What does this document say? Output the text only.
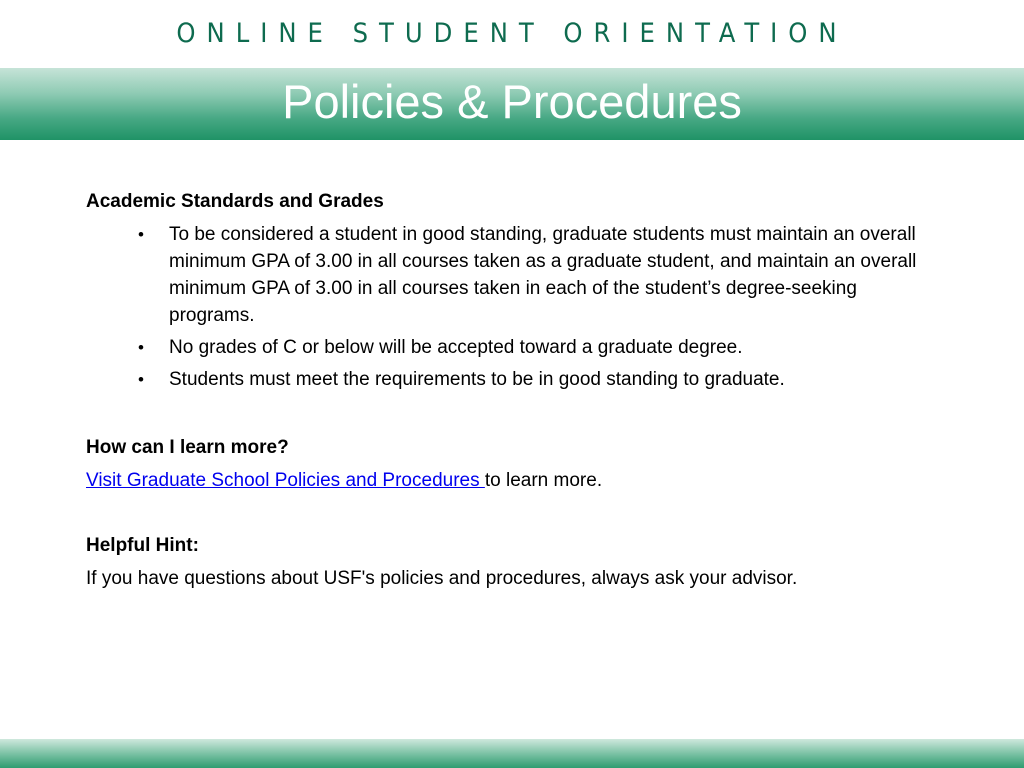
ONLINE STUDENT ORIENTATION
Policies & Procedures

Academic Standards and Grades

• To be considered a student in good standing, graduate students must maintain an overall minimum GPA of 3.00 in all courses taken as a graduate student, and maintain an overall minimum GPA of 3.00 in all courses taken in each of the student’s degree-seeking programs.
• No grades of C or below will be accepted toward a graduate degree.
• Students must meet the requirements to be in good standing to graduate.

How can I learn more?

Visit Graduate School Policies and Procedures to learn more.

Helpful Hint:

If you have questions about USF's policies and procedures, always ask your advisor.
